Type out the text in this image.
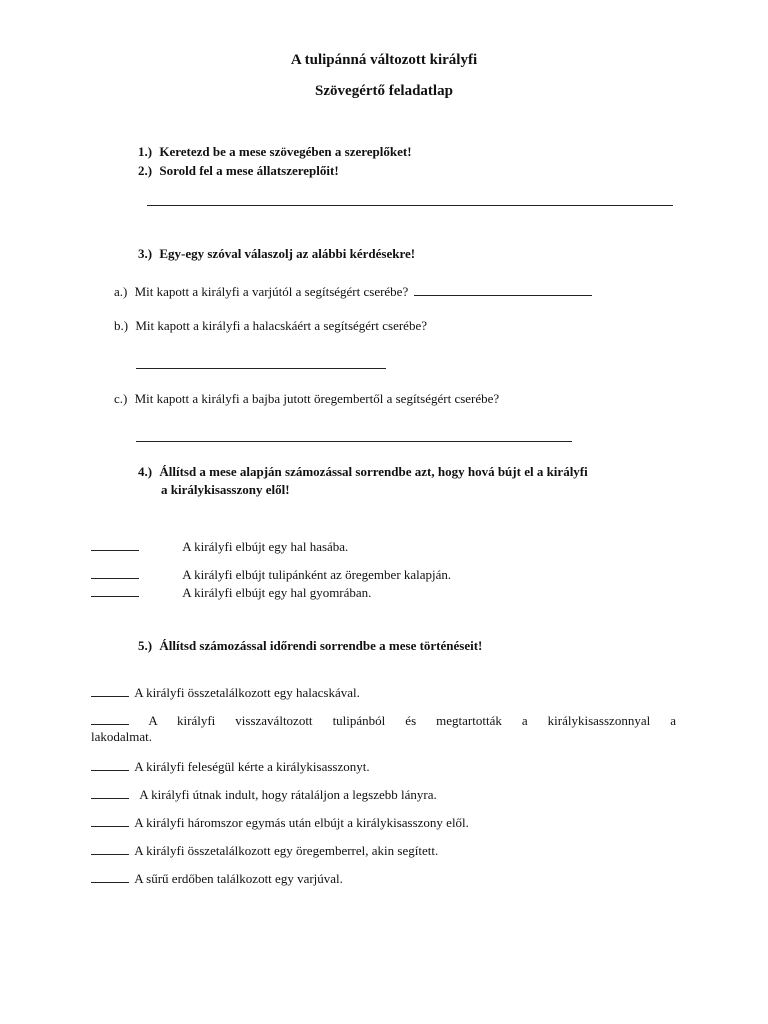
A tulipánná változott királyfi
Szövegértő feladatlap
1.) Keretezd be a mese szövegében a szereplőket!
2.) Sorold fel a mese állatszereplőit!
3.) Egy-egy szóval válaszolj az alábbi kérdésekre!
a.) Mit kapott a királyfi a varjútól a segítségért cserébe?
b.) Mit kapott a királyfi a halacskáért a segítségért cserébe?
c.) Mit kapott a királyfi a bajba jutott öregembertől a segítségért cserébe?
4.) Állítsd a mese alapján számozással sorrendbe azt, hogy hová bújt el a királyfi
a királykisasszony elől!
A királyfi elbújt egy hal hasába.
A királyfi elbújt tulipánként az öregember kalapján.
A királyfi elbújt egy hal gyomrában.
5.) Állítsd számozással időrendi sorrendbe a mese történéseit!
A királyfi összetalálkozott egy halacskával.
A királyfi visszaváltozott tulipánból és megtartották a királykisasszonnyal a
lakodalmat.
A királyfi feleségül kérte a királykisasszonyt.
A királyfi útnak indult, hogy rátaláljon a legszebb lányra.
A királyfi háromszor egymás után elbújt a királykisasszony elől.
A királyfi összetalálkozott egy öregemberrel, akin segített.
A sűrű erdőben találkozott egy varjúval.
